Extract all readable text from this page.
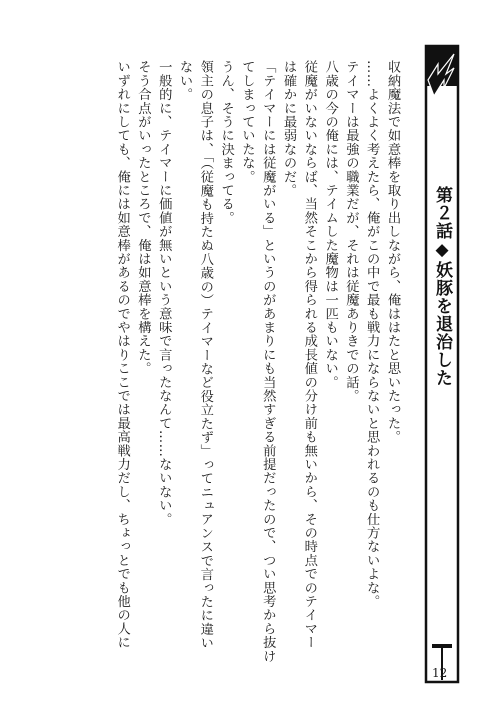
第２話◆妖豚を退治した

収納魔法で如意棒を取り出しながら、俺ははたと思いたった。

……よくよく考えたら、俺がこの中で最も戦力にならないと思われるのも仕方ないよな。

テイマーは最強の職業だが、それは従魔ありきでの話。

八歳の今の俺には、テイムした魔物は一匹もいない。

従魔がいないならば、当然そこから得られる成長値の分け前も無いから、その時点でのテイマー

は確かに最弱なのだ。

「テイマーには従魔がいる」というのがあまりにも当然すぎる前提だったので、つい思考から抜け

てしまっていたな。

うん、そうに決まってる。

領主の息子は、「（従魔も持たぬ八歳の）テイマーなど役立たず」ってニュアンスで言ったに違い

ない。

一般的に、テイマーに価値が無いという意味で言ったなんて……ないない。

そう合点がいったところで、俺は如意棒を構えた。

いずれにしても、俺には如意棒があるのでやはりここでは最高戦力だし、ちょっとでも他の人に

12
